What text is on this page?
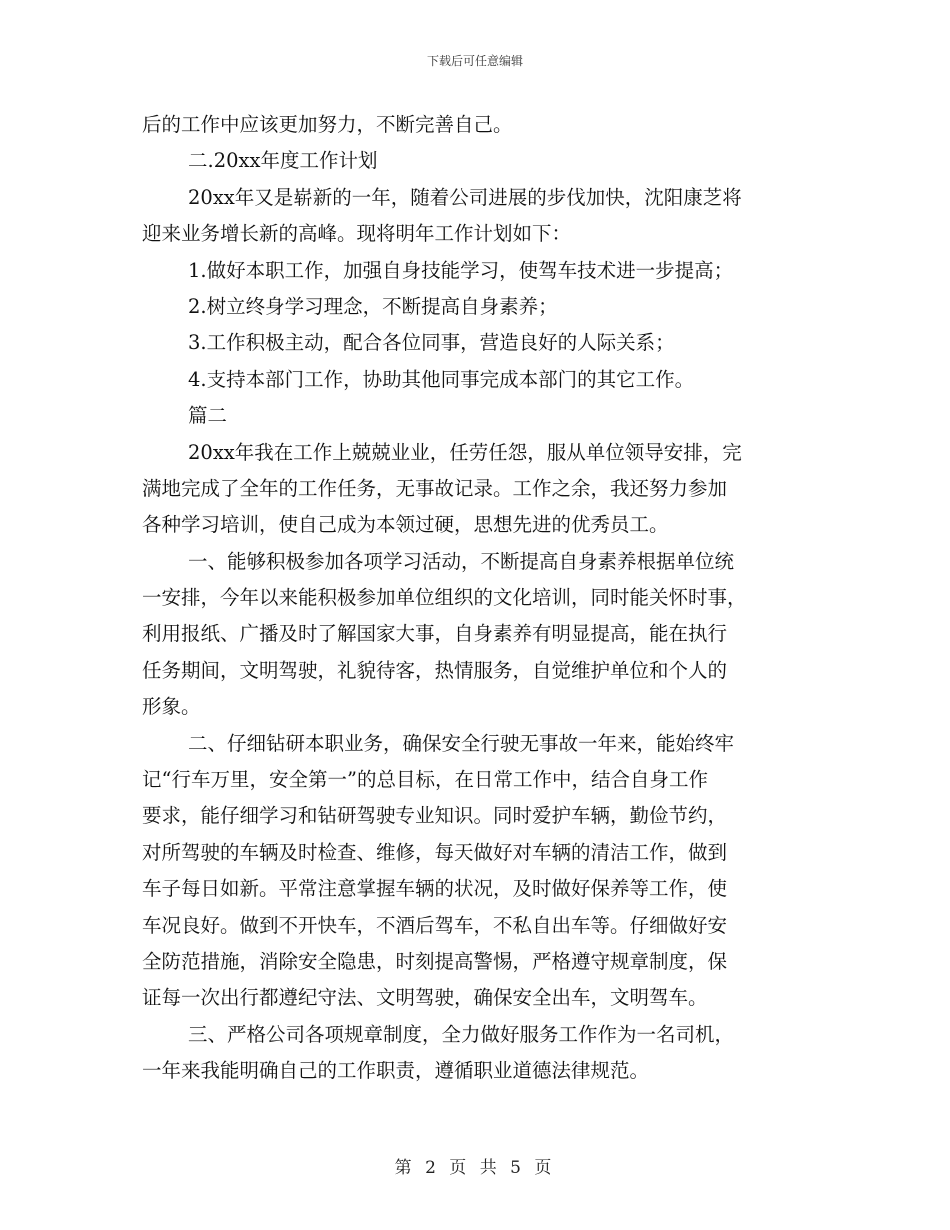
下载后可任意编辑
后的工作中应该更加努力，不断完善自己。
二.20xx年度工作计划
20xx年又是崭新的一年，随着公司进展的步伐加快，沈阳康芝将
迎来业务增长新的高峰。现将明年工作计划如下：
1.做好本职工作，加强自身技能学习，使驾车技术进一步提高；
2.树立终身学习理念，不断提高自身素养；
3.工作积极主动，配合各位同事，营造良好的人际关系；
4.支持本部门工作，协助其他同事完成本部门的其它工作。
篇二
20xx年我在工作上兢兢业业，任劳任怨，服从单位领导安排，完
满地完成了全年的工作任务，无事故记录。工作之余，我还努力参加
各种学习培训，使自己成为本领过硬，思想先进的优秀员工。
一、能够积极参加各项学习活动，不断提高自身素养根据单位统
一安排，今年以来能积极参加单位组织的文化培训，同时能关怀时事，
利用报纸、广播及时了解国家大事，自身素养有明显提高，能在执行
任务期间，文明驾驶，礼貌待客，热情服务，自觉维护单位和个人的
形象。
二、仔细钻研本职业务，确保安全行驶无事故一年来，能始终牢
记“行车万里，安全第一”的总目标，在日常工作中，结合自身工作
要求，能仔细学习和钻研驾驶专业知识。同时爱护车辆，勤俭节约，
对所驾驶的车辆及时检查、维修，每天做好对车辆的清洁工作，做到
车子每日如新。平常注意掌握车辆的状况，及时做好保养等工作，使
车况良好。做到不开快车，不酒后驾车，不私自出车等。仔细做好安
全防范措施，消除安全隐患，时刻提高警惕，严格遵守规章制度，保
证每一次出行都遵纪守法、文明驾驶，确保安全出车，文明驾车。
三、严格公司各项规章制度，全力做好服务工作作为一名司机，
一年来我能明确自己的工作职责，遵循职业道德法律规范。
第 2 页 共 5 页
